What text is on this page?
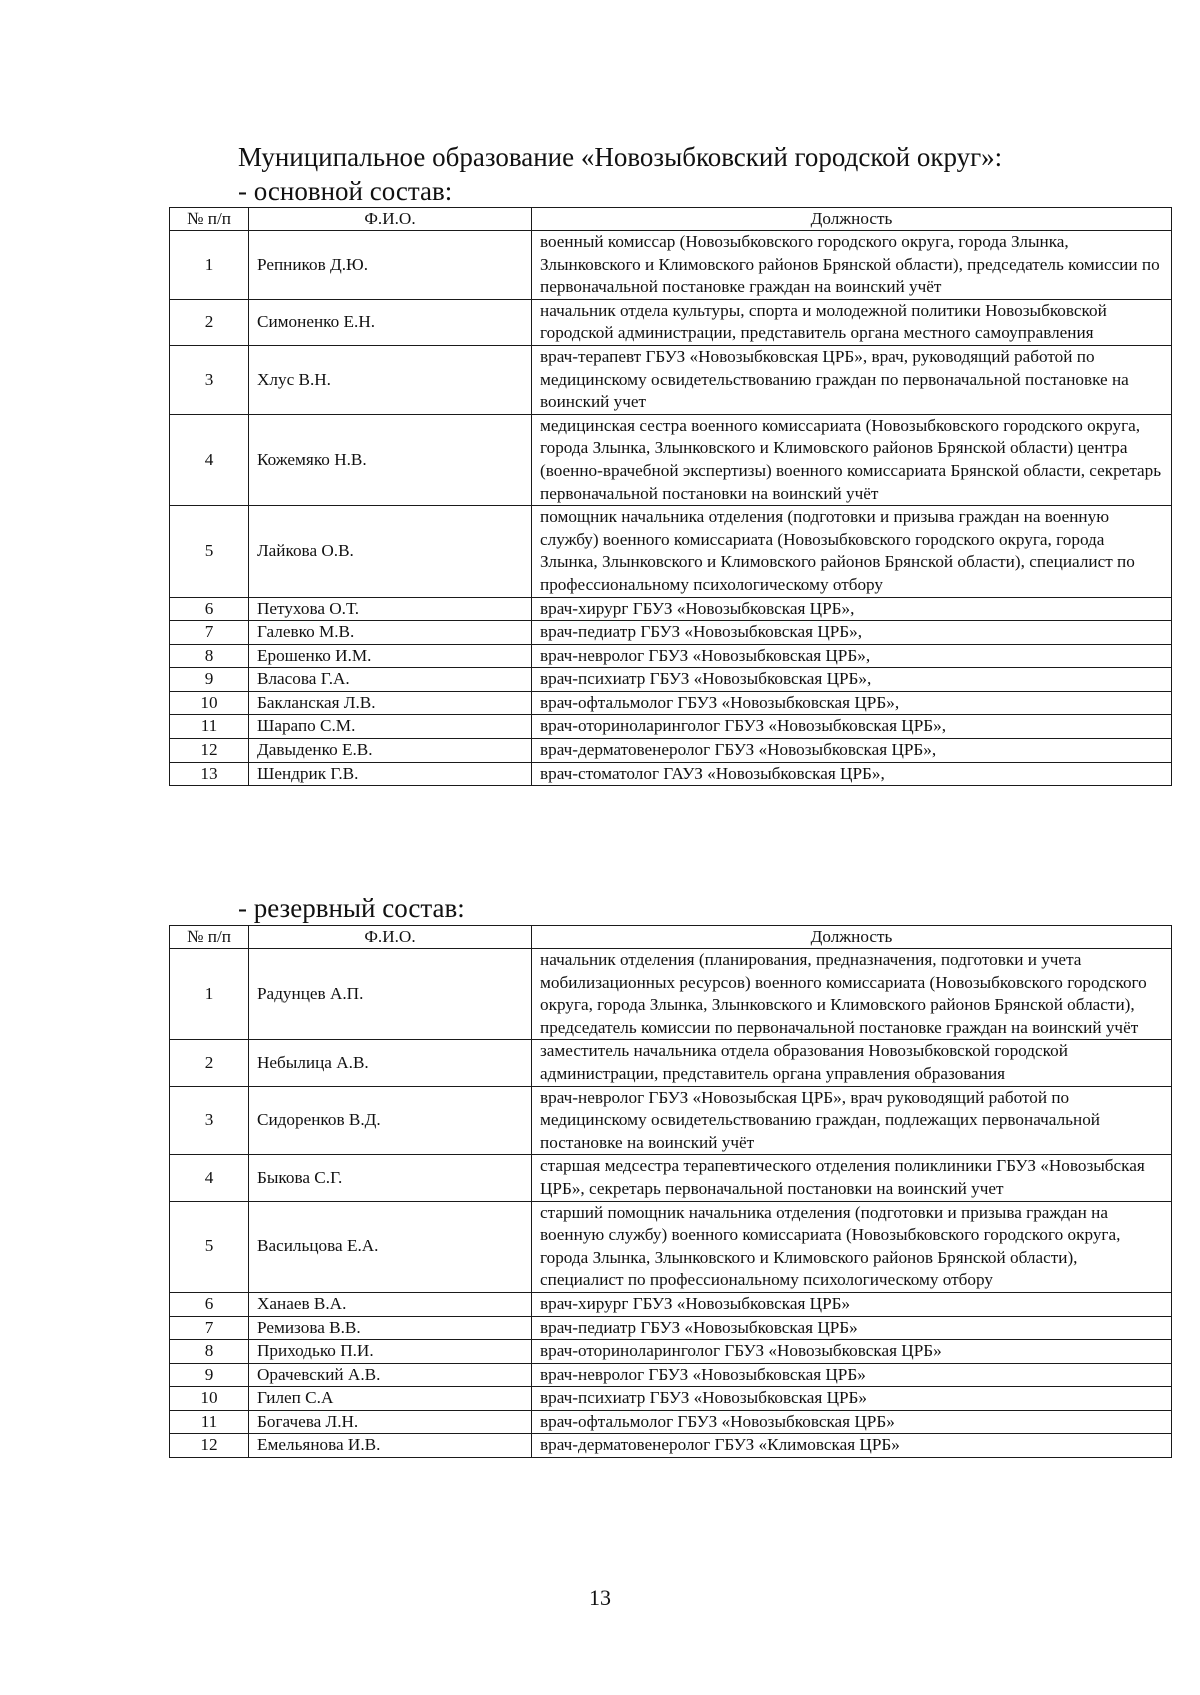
Муниципальное образование «Новозыбковский городской округ»:
- основной состав:
№ п/п	Ф.И.О.	Должность
1	Репников Д.Ю.	военный комиссар (Новозыбковского городского округа, города Злынка, Злынковского и Климовского районов Брянской области), председатель комиссии по первоначальной постановке граждан на воинский учёт
2	Симоненко Е.Н.	начальник отдела культуры, спорта и молодежной политики Новозыбковской городской администрации, представитель органа местного самоуправления
3	Хлус В.Н.	врач-терапевт ГБУЗ «Новозыбковская ЦРБ», врач, руководящий работой по медицинскому освидетельствованию граждан по первоначальной постановке на воинский учет
4	Кожемяко Н.В.	медицинская сестра военного комиссариата (Новозыбковского городского округа, города Злынка, Злынковского и Климовского районов Брянской области) центра (военно-врачебной экспертизы) военного комиссариата Брянской области, секретарь первоначальной постановки на воинский учёт
5	Лайкова О.В.	помощник начальника отделения (подготовки и призыва граждан на военную службу) военного комиссариата (Новозыбковского городского округа, города Злынка, Злынковского и Климовского районов Брянской области), специалист по профессиональному психологическому отбору
6	Петухова О.Т.	врач-хирург ГБУЗ «Новозыбковская ЦРБ»,
7	Галевко М.В.	врач-педиатр ГБУЗ «Новозыбковская ЦРБ»,
8	Ерошенко И.М.	врач-невролог ГБУЗ «Новозыбковская ЦРБ»,
9	Власова Г.А.	врач-психиатр ГБУЗ «Новозыбковская ЦРБ»,
10	Бакланская Л.В.	врач-офтальмолог ГБУЗ «Новозыбковская ЦРБ»,
11	Шарапо С.М.	врач-оториноларинголог ГБУЗ «Новозыбковская ЦРБ»,
12	Давыденко Е.В.	врач-дерматовенеролог ГБУЗ «Новозыбковская ЦРБ»,
13	Шендрик Г.В.	врач-стоматолог ГАУЗ «Новозыбковская ЦРБ»,
- резервный состав:
№ п/п	Ф.И.О.	Должность
1	Радунцев А.П.	начальник отделения (планирования, предназначения, подготовки и учета мобилизационных ресурсов) военного комиссариата (Новозыбковского городского округа, города Злынка, Злынковского и Климовского районов Брянской области), председатель комиссии по первоначальной постановке граждан на воинский учёт
2	Небылица А.В.	заместитель начальника отдела образования Новозыбковской городской администрации, представитель органа управления образования
3	Сидоренков В.Д.	врач-невролог ГБУЗ «Новозыбская ЦРБ», врач руководящий работой по медицинскому освидетельствованию граждан, подлежащих первоначальной постановке на воинский учёт
4	Быкова С.Г.	старшая медсестра терапевтического отделения поликлиники ГБУЗ «Новозыбская ЦРБ», секретарь первоначальной постановки на воинский учет
5	Васильцова Е.А.	старший помощник начальника отделения (подготовки и призыва граждан на военную службу) военного комиссариата (Новозыбковского городского округа, города Злынка, Злынковского и Климовского районов Брянской области), специалист по профессиональному психологическому отбору
6	Ханаев В.А.	врач-хирург ГБУЗ «Новозыбковская ЦРБ»
7	Ремизова В.В.	врач-педиатр ГБУЗ «Новозыбковская ЦРБ»
8	Приходько П.И.	врач-оториноларинголог ГБУЗ «Новозыбковская ЦРБ»
9	Орачевский А.В.	врач-невролог ГБУЗ «Новозыбковская ЦРБ»
10	Гилеп С.А	врач-психиатр ГБУЗ «Новозыбковская ЦРБ»
11	Богачева Л.Н.	врач-офтальмолог ГБУЗ «Новозыбковская ЦРБ»
12	Емельянова И.В.	врач-дерматовенеролог ГБУЗ «Климовская ЦРБ»
13
